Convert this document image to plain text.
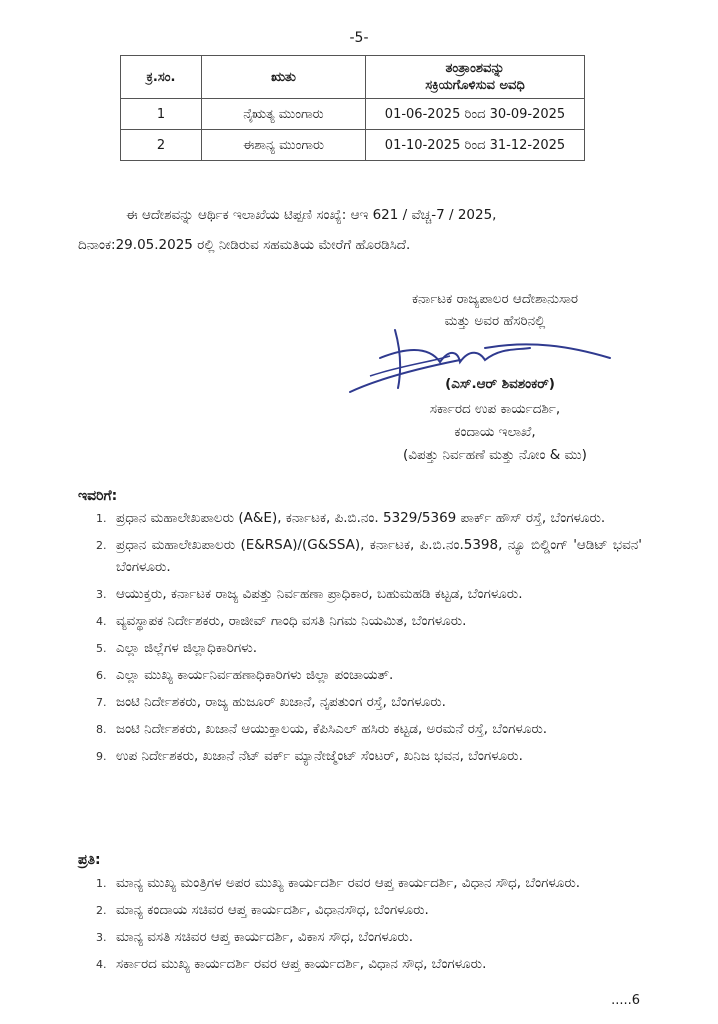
-5-
ಕ್ರ.ಸಂ.	ಋತು	ತಂತ್ರಾಂಶವನ್ನು
ಸಕ್ರಿಯಗೊಳಿಸುವ ಅವಧಿ
1	ನೈಋತ್ಯ ಮುಂಗಾರು	01-06-2025 ರಿಂದ 30-09-2025
2	ಈಶಾನ್ಯ ಮುಂಗಾರು	01-10-2025 ರಿಂದ 31-12-2025
ಈ ಆದೇಶವನ್ನು ಆರ್ಥಿಕ ಇಲಾಖೆಯ ಟಿಪ್ಪಣಿ ಸಂಖ್ಯೆ: ಆಇ 621 / ವೆಚ್ಚ-7 / 2025,
ದಿನಾಂಕ:29.05.2025 ರಲ್ಲಿ ನೀಡಿರುವ ಸಹಮತಿಯ ಮೇರೆಗೆ ಹೊರಡಿಸಿದೆ.
ಕರ್ನಾಟಕ ರಾಜ್ಯಪಾಲರ ಆದೇಶಾನುಸಾರ
ಮತ್ತು ಅವರ ಹೆಸರಿನಲ್ಲಿ
(ಎಸ್.ಆರ್ ಶಿವಶಂಕರ್)
ಸರ್ಕಾರದ ಉಪ ಕಾರ್ಯದರ್ಶಿ,
ಕಂದಾಯ ಇಲಾಖೆ,
(ವಿಪತ್ತು ನಿರ್ವಹಣೆ ಮತ್ತು ನೋಂ & ಮು)
ಇವರಿಗೆ:
ಪ್ರಧಾನ ಮಹಾಲೇಖಪಾಲರು (A&E), ಕರ್ನಾಟಕ, ಪಿ.ಬಿ.ನಂ. 5329/5369 ಪಾರ್ಕ್ ಹೌಸ್ ರಸ್ತೆ, ಬೆಂಗಳೂರು.
ಪ್ರಧಾನ ಮಹಾಲೇಖಪಾಲರು (E&RSA)/(G&SSA), ಕರ್ನಾಟಕ, ಪಿ.ಬಿ.ನಂ.5398, ನ್ಯೂ ಬಿಲ್ಡಿಂಗ್ 'ಆಡಿಟ್ ಭವನ' ಬೆಂಗಳೂರು.
ಆಯುಕ್ತರು, ಕರ್ನಾಟಕ ರಾಜ್ಯ ವಿಪತ್ತು ನಿರ್ವಹಣಾ ಪ್ರಾಧಿಕಾರ, ಬಹುಮಹಡಿ ಕಟ್ಟಡ, ಬೆಂಗಳೂರು.
ವ್ಯವಸ್ಥಾಪಕ ನಿರ್ದೇಶಕರು, ರಾಜೀವ್ ಗಾಂಧಿ ವಸತಿ ನಿಗಮ ನಿಯಮಿತ, ಬೆಂಗಳೂರು.
ಎಲ್ಲಾ ಜಿಲ್ಲೆಗಳ ಜಿಲ್ಲಾಧಿಕಾರಿಗಳು.
ಎಲ್ಲಾ ಮುಖ್ಯ ಕಾರ್ಯನಿರ್ವಹಣಾಧಿಕಾರಿಗಳು ಜಿಲ್ಲಾ ಪಂಚಾಯತ್.
ಜಂಟಿ ನಿರ್ದೇಶಕರು, ರಾಜ್ಯ ಹುಜೂರ್ ಖಜಾನೆ, ನೃಪತುಂಗ ರಸ್ತೆ, ಬೆಂಗಳೂರು.
ಜಂಟಿ ನಿರ್ದೇಶಕರು, ಖಜಾನೆ ಆಯುಕ್ತಾಲಯ, ಕೆಪಿಸಿಎಲ್ ಹಸಿರು ಕಟ್ಟಡ, ಅರಮನೆ ರಸ್ತೆ, ಬೆಂಗಳೂರು.
ಉಪ ನಿರ್ದೇಶಕರು, ಖಜಾನೆ ನೆಟ್ ವರ್ಕ್ ಮ್ಯಾನೇಜ್ಮೆಂಟ್ ಸೆಂಟರ್, ಖನಿಜ ಭವನ, ಬೆಂಗಳೂರು.
ಪ್ರತಿ:
ಮಾನ್ಯ ಮುಖ್ಯ ಮಂತ್ರಿಗಳ ಅಪರ ಮುಖ್ಯ ಕಾರ್ಯದರ್ಶಿ ರವರ ಆಪ್ತ ಕಾರ್ಯದರ್ಶಿ, ವಿಧಾನ ಸೌಧ, ಬೆಂಗಳೂರು.
ಮಾನ್ಯ ಕಂದಾಯ ಸಚಿವರ ಆಪ್ತ ಕಾರ್ಯದರ್ಶಿ, ವಿಧಾನಸೌಧ, ಬೆಂಗಳೂರು.
ಮಾನ್ಯ ವಸತಿ ಸಚಿವರ ಆಪ್ತ ಕಾರ್ಯದರ್ಶಿ, ವಿಕಾಸ ಸೌಧ, ಬೆಂಗಳೂರು.
ಸರ್ಕಾರದ ಮುಖ್ಯ ಕಾರ್ಯದರ್ಶಿ ರವರ ಆಪ್ತ ಕಾರ್ಯದರ್ಶಿ, ವಿಧಾನ ಸೌಧ, ಬೆಂಗಳೂರು.
.....6
